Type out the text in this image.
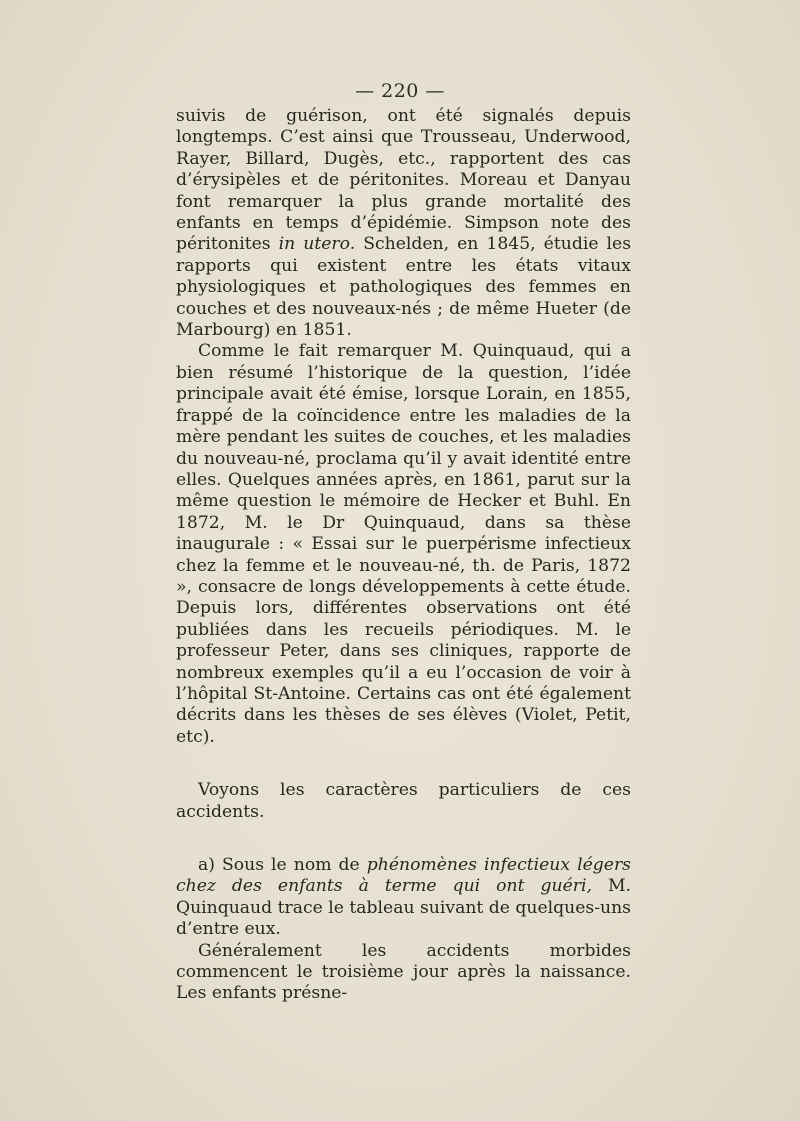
— 220 —

suivis de guérison, ont été signalés depuis longtemps. C’est ainsi que Trousseau, Underwood, Rayer, Billard, Dugès, etc., rapportent des cas d’érysipèles et de péritonites. Moreau et Danyau font remarquer la plus grande mortalité des enfants en temps d’épidémie. Simpson note des péritonites in utero. Schelden, en 1845, étudie les rapports qui existent entre les états vitaux physiologiques et pathologiques des femmes en couches et des nouveaux-nés ; de même Hueter (de Marbourg) en 1851.

Comme le fait remarquer M. Quinquaud, qui a bien résumé l’historique de la question, l’idée principale avait été émise, lorsque Lorain, en 1855, frappé de la coïncidence entre les maladies de la mère pendant les suites de couches, et les maladies du nouveau-né, proclama qu’il y avait identité entre elles. Quelques années après, en 1861, parut sur la même question le mémoire de Hecker et Buhl. En 1872, M. le Dr Quinquaud, dans sa thèse inaugurale : « Essai sur le puerpérisme infectieux chez la femme et le nouveau-né, th. de Paris, 1872 », consacre de longs développements à cette étude. Depuis lors, différentes observations ont été publiées dans les recueils périodiques. M. le professeur Peter, dans ses cliniques, rapporte de nombreux exemples qu’il a eu l’occasion de voir à l’hôpital St-Antoine. Certains cas ont été également décrits dans les thèses de ses élèves (Violet, Petit, etc).

Voyons les caractères particuliers de ces accidents.

a) Sous le nom de phénomènes infectieux légers chez des enfants à terme qui ont guéri, M. Quinquaud trace le tableau suivant de quelques-uns d’entre eux.

Généralement les accidents morbides commencent le troisième jour après la naissance. Les enfants présne-
